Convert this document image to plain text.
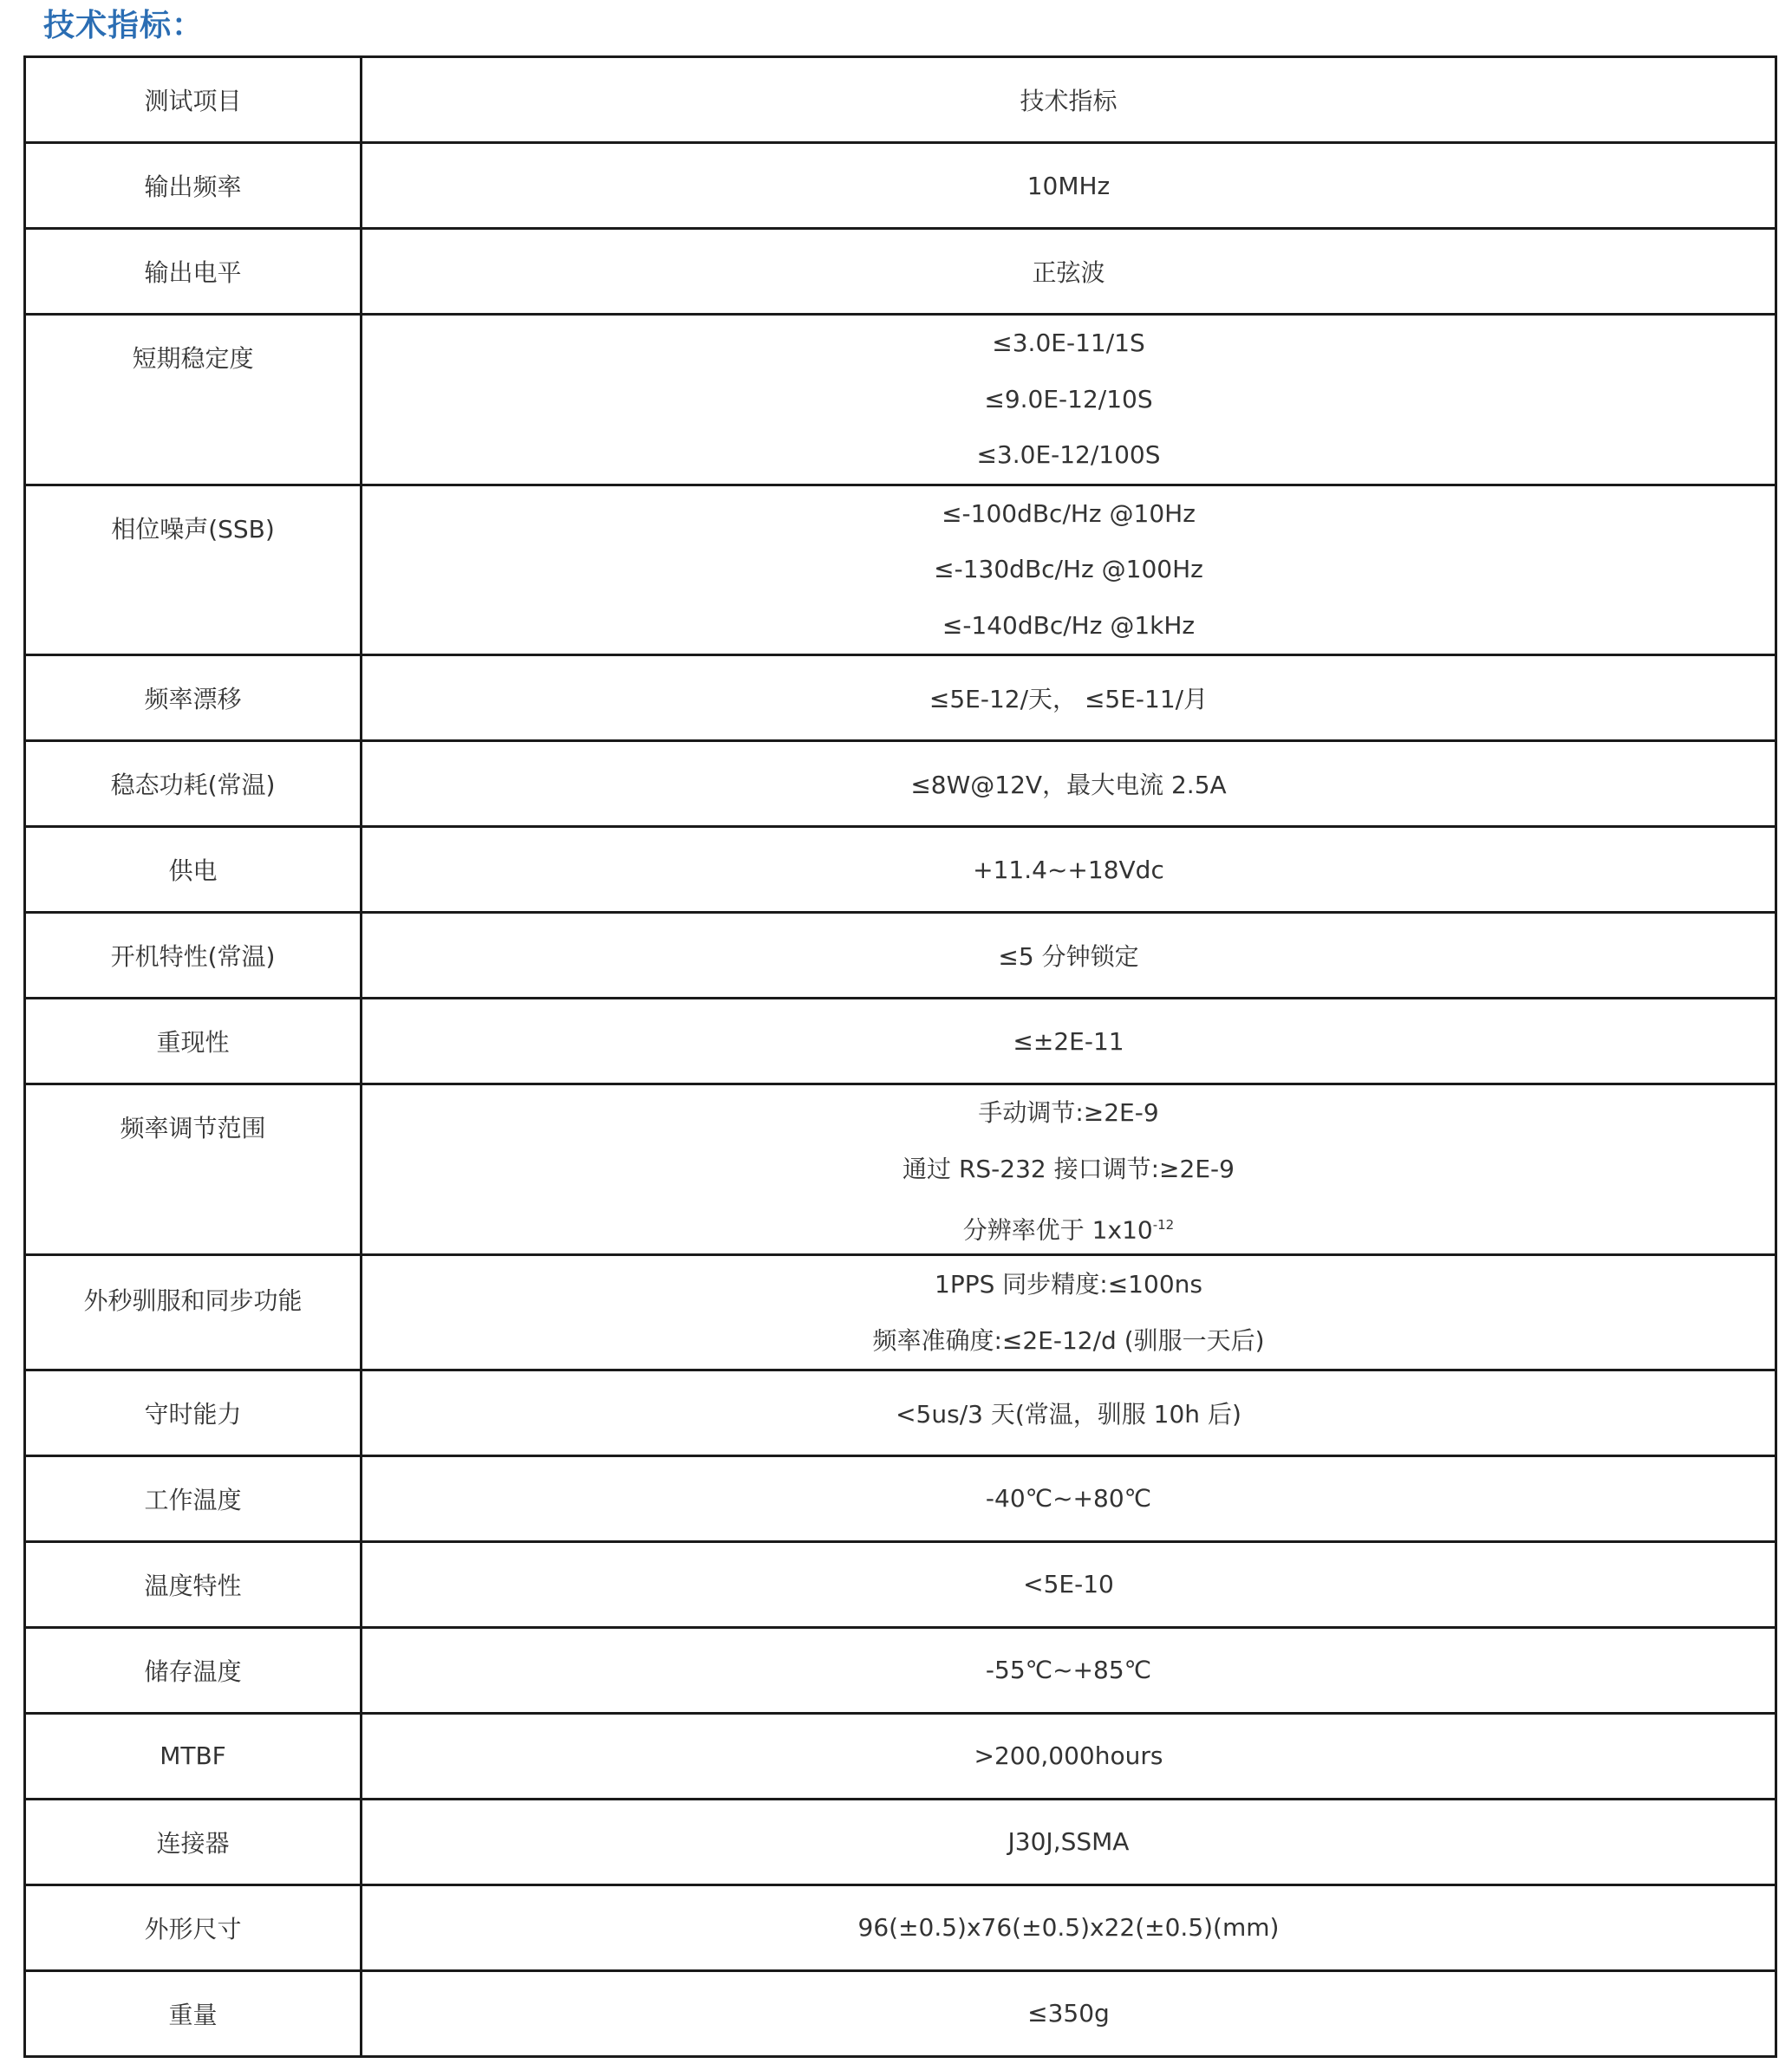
技术指标：
测试项目	技术指标
输出频率	10MHz
输出电平	正弦波
短期稳定度	≤3.0E-11/1S
≤9.0E-12/10S
≤3.0E-12/100S

相位噪声(SSB)	≤-100dBc/Hz @10Hz
≤-130dBc/Hz @100Hz
≤-140dBc/Hz @1kHz

频率漂移	≤5E-12/天， ≤5E-11/月
稳态功耗(常温)	≤8W@12V，最大电流 2.5A
供电	+11.4~+18Vdc
开机特性(常温)	≤5 分钟锁定
重现性	≤±2E-11
频率调节范围	手动调节:≥2E-9
通过 RS-232 接口调节:≥2E-9
分辨率优于 $1x10^{-12}$

外秒驯服和同步功能	1PPS 同步精度:≤100ns
频率准确度:≤2E-12/d (驯服一天后)

守时能力	<5us/3 天(常温，驯服 10h 后)
工作温度	-40℃~+80℃
温度特性	<5E-10
储存温度	-55℃~+85℃
MTBF	>200,000hours
连接器	J30J,SSMA
外形尺寸	96(±0.5)x76(±0.5)x22(±0.5)(mm)
重量	≤350g
